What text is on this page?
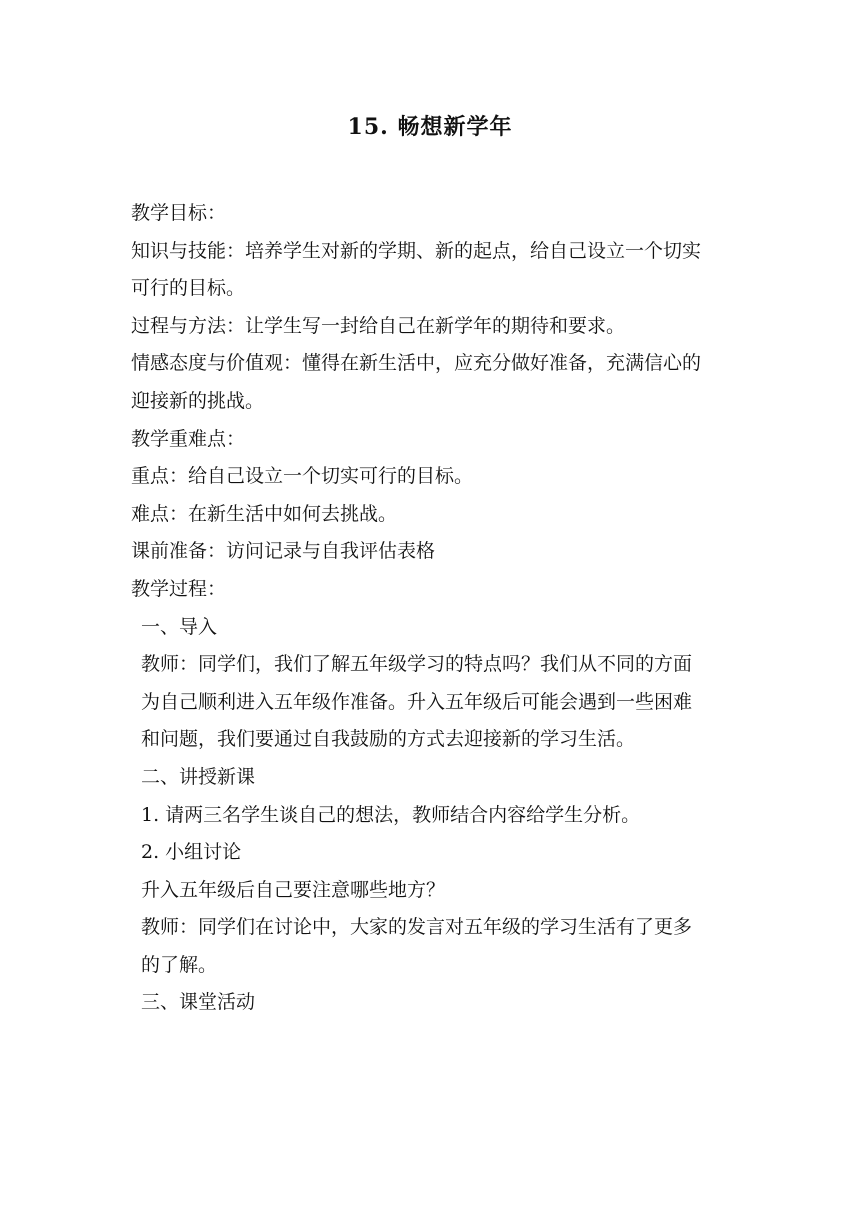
15. 畅想新学年
教学目标：
知识与技能：培养学生对新的学期、新的起点，给自己设立一个切实
可行的目标。
过程与方法：让学生写一封给自己在新学年的期待和要求。
情感态度与价值观：懂得在新生活中，应充分做好准备，充满信心的
迎接新的挑战。
教学重难点：
重点：给自己设立一个切实可行的目标。
难点：在新生活中如何去挑战。
课前准备：访问记录与自我评估表格
教学过程：
一、导入
教师：同学们，我们了解五年级学习的特点吗？我们从不同的方面
为自己顺利进入五年级作准备。升入五年级后可能会遇到一些困难
和问题，我们要通过自我鼓励的方式去迎接新的学习生活。
二、讲授新课
1. 请两三名学生谈自己的想法，教师结合内容给学生分析。
2. 小组讨论
升入五年级后自己要注意哪些地方？
教师：同学们在讨论中，大家的发言对五年级的学习生活有了更多
的了解。
三、课堂活动
